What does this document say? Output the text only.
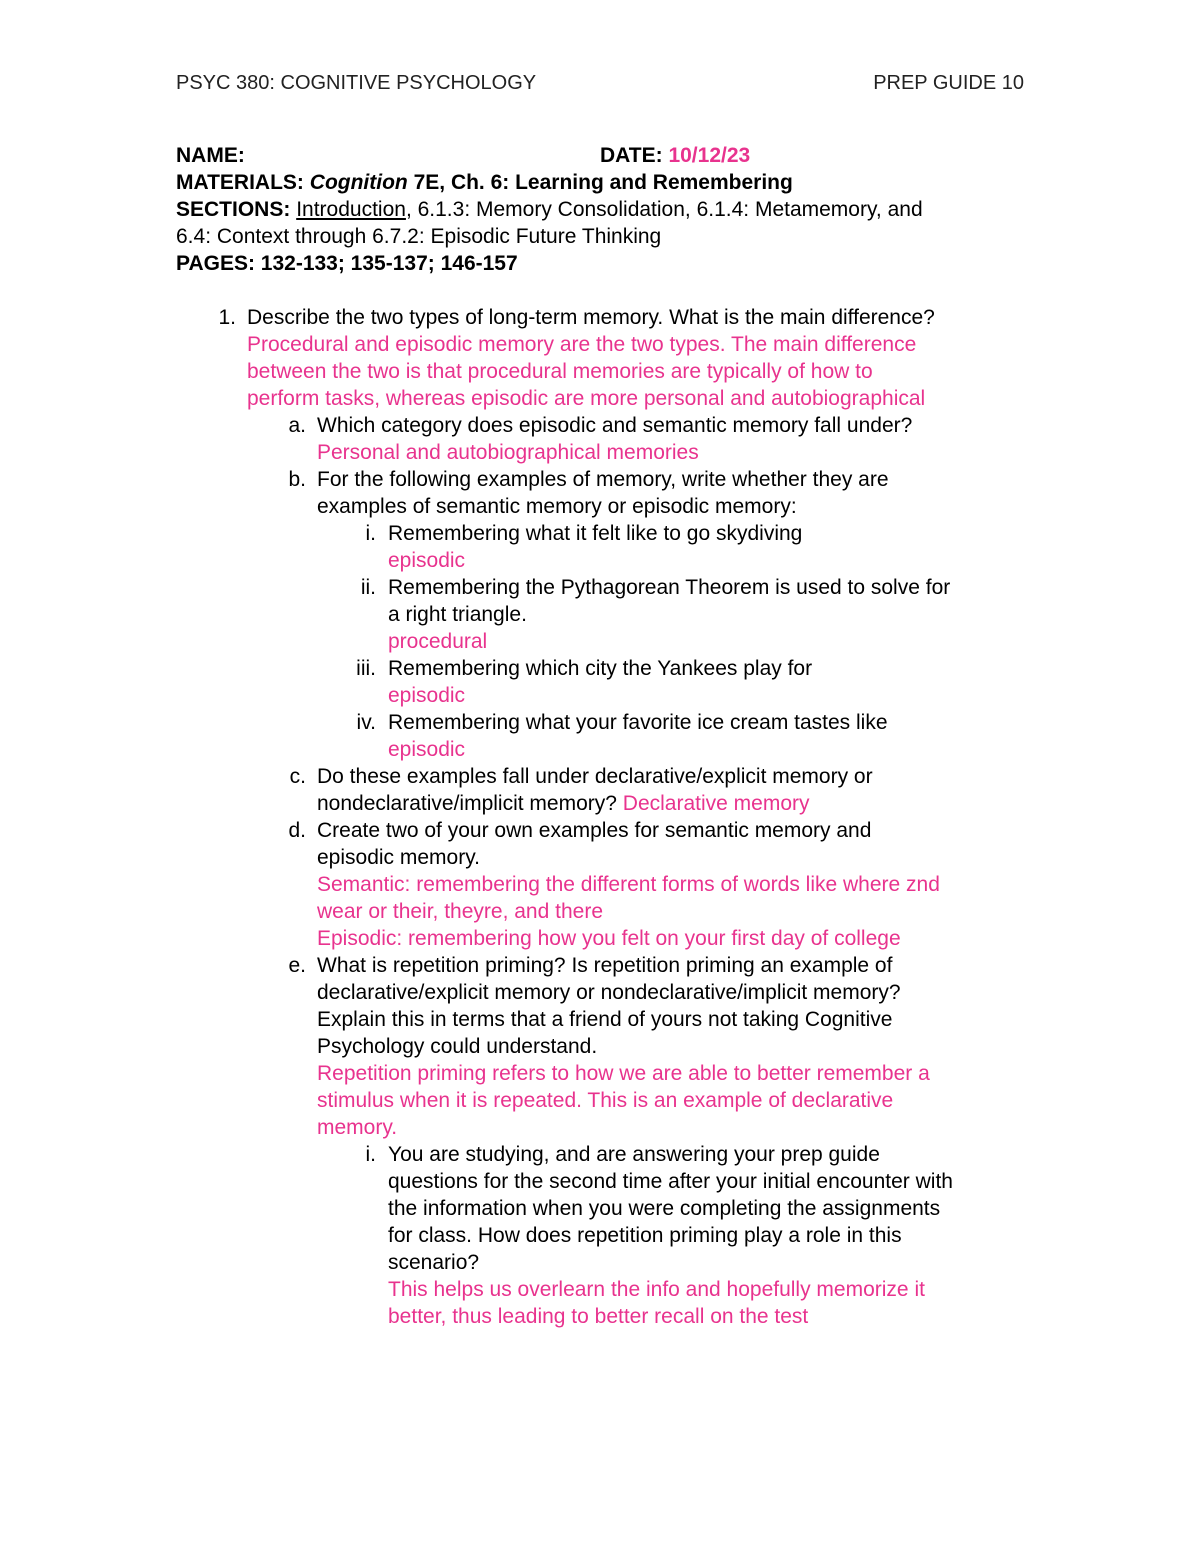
PSYC 380: COGNITIVE PSYCHOLOGY	PREP GUIDE 10
NAME:	DATE: 10/12/23
MATERIALS: Cognition 7E, Ch. 6: Learning and Remembering
SECTIONS: Introduction, 6.1.3: Memory Consolidation, 6.1.4: Metamemory, and
6.4: Context through 6.7.2: Episodic Future Thinking
PAGES: 132-133; 135-137; 146-157
1. Describe the two types of long-term memory. What is the main difference?
Procedural and episodic memory are the two types. The main difference
between the two is that procedural memories are typically of how to
perform tasks, whereas episodic are more personal and autobiographical
a. Which category does episodic and semantic memory fall under?
Personal and autobiographical memories
b. For the following examples of memory, write whether they are
examples of semantic memory or episodic memory:
i. Remembering what it felt like to go skydiving
episodic
ii. Remembering the Pythagorean Theorem is used to solve for
a right triangle.
procedural
iii. Remembering which city the Yankees play for
episodic
iv. Remembering what your favorite ice cream tastes like
episodic
c. Do these examples fall under declarative/explicit memory or
nondeclarative/implicit memory? Declarative memory
d. Create two of your own examples for semantic memory and
episodic memory.
Semantic: remembering the different forms of words like where znd
wear or their, theyre, and there
Episodic: remembering how you felt on your first day of college
e. What is repetition priming? Is repetition priming an example of
declarative/explicit memory or nondeclarative/implicit memory?
Explain this in terms that a friend of yours not taking Cognitive
Psychology could understand.
Repetition priming refers to how we are able to better remember a
stimulus when it is repeated. This is an example of declarative
memory.
i. You are studying, and are answering your prep guide
questions for the second time after your initial encounter with
the information when you were completing the assignments
for class. How does repetition priming play a role in this
scenario?
This helps us overlearn the info and hopefully memorize it
better, thus leading to better recall on the test
